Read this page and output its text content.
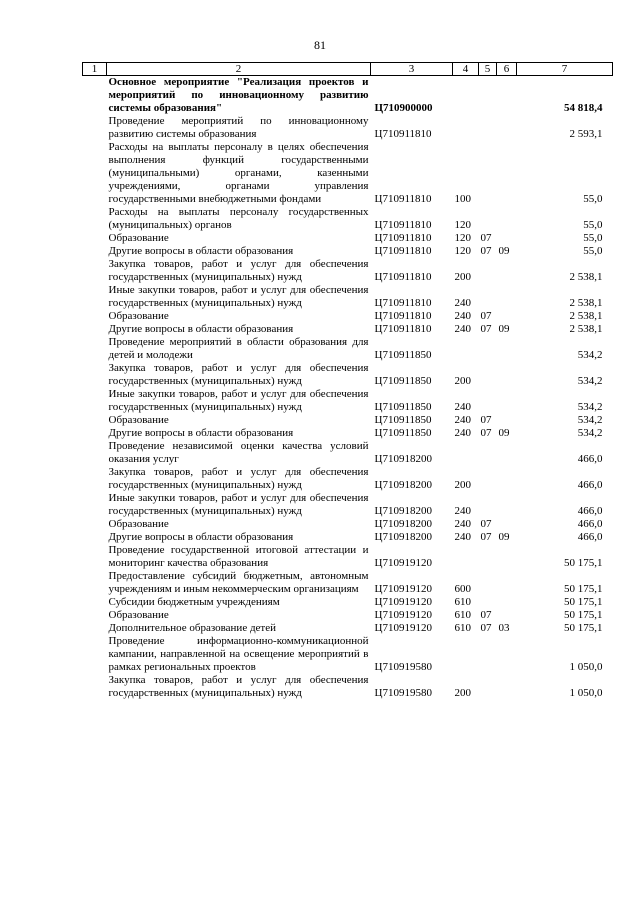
81
1	2	3	4	5	6	7
	Основное мероприятие "Реализация проектов и мероприятий по инновационному развитию системы образования"	Ц710900000				54 818,4
	Проведение мероприятий по инновационному развитию системы образования	Ц710911810				2 593,1
	Расходы на выплаты персоналу в целях обеспечения выполнения функций государственными (муниципальными) органами, казенными учреждениями, органами управления государственными внебюджетными фондами	Ц710911810	100			55,0
	Расходы на выплаты персоналу государственных (муниципальных) органов	Ц710911810	120			55,0
	Образование	Ц710911810	120	07		55,0
	Другие вопросы в области образования	Ц710911810	120	07	09	55,0
	Закупка товаров, работ и услуг для обеспечения государственных (муниципальных) нужд	Ц710911810	200			2 538,1
	Иные закупки товаров, работ и услуг для обеспечения государственных (муниципальных) нужд	Ц710911810	240			2 538,1
	Образование	Ц710911810	240	07		2 538,1
	Другие вопросы в области образования	Ц710911810	240	07	09	2 538,1
	Проведение мероприятий в области образования для детей и молодежи	Ц710911850				534,2
	Закупка товаров, работ и услуг для обеспечения государственных (муниципальных) нужд	Ц710911850	200			534,2
	Иные закупки товаров, работ и услуг для обеспечения государственных (муниципальных) нужд	Ц710911850	240			534,2
	Образование	Ц710911850	240	07		534,2
	Другие вопросы в области образования	Ц710911850	240	07	09	534,2
	Проведение независимой оценки качества условий оказания услуг	Ц710918200				466,0
	Закупка товаров, работ и услуг для обеспечения государственных (муниципальных) нужд	Ц710918200	200			466,0
	Иные закупки товаров, работ и услуг для обеспечения государственных (муниципальных) нужд	Ц710918200	240			466,0
	Образование	Ц710918200	240	07		466,0
	Другие вопросы в области образования	Ц710918200	240	07	09	466,0
	Проведение государственной итоговой аттестации и мониторинг качества образования	Ц710919120				50 175,1
	Предоставление субсидий бюджетным, автономным учреждениям и иным некоммерческим организациям	Ц710919120	600			50 175,1
	Субсидии бюджетным учреждениям	Ц710919120	610			50 175,1
	Образование	Ц710919120	610	07		50 175,1
	Дополнительное образование детей	Ц710919120	610	07	03	50 175,1
	Проведение информационно-коммуникационной кампании, направленной на освещение мероприятий в рамках региональных проектов	Ц710919580				1 050,0
	Закупка товаров, работ и услуг для обеспечения государственных (муниципальных) нужд	Ц710919580	200			1 050,0
